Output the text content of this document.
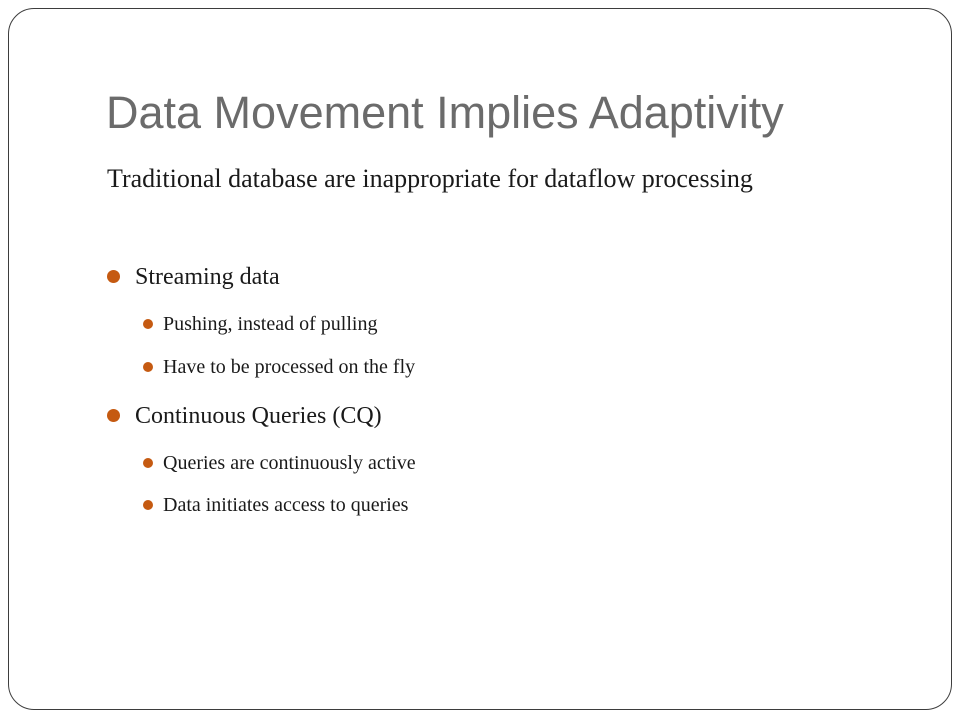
Data Movement Implies Adaptivity

Traditional database are inappropriate for dataflow processing

Streaming data
Pushing, instead of pulling
Have to be processed on the fly
Continuous Queries (CQ)
Queries are continuously active
Data initiates access to queries
